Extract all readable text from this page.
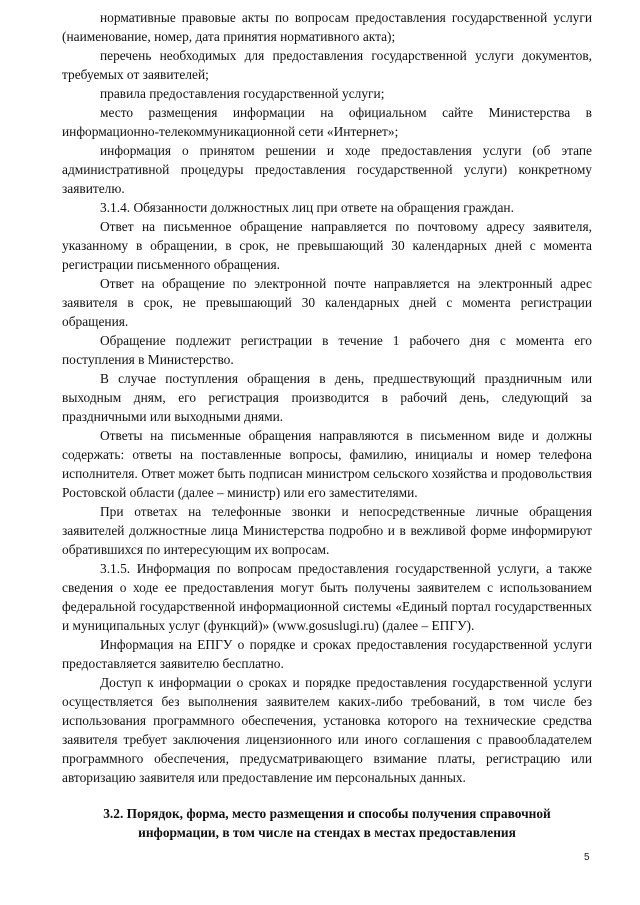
нормативные правовые акты по вопросам предоставления государственной услуги (наименование, номер, дата принятия нормативного акта);

перечень необходимых для предоставления государственной услуги документов, требуемых от заявителей;

правила предоставления государственной услуги;

место размещения информации на официальном сайте Министерства в информационно-телекоммуникационной сети «Интернет»;

информация о принятом решении и ходе предоставления услуги (об этапе административной процедуры предоставления государственной услуги) конкретному заявителю.

3.1.4. Обязанности должностных лиц при ответе на обращения граждан.

Ответ на письменное обращение направляется по почтовому адресу заявителя, указанному в обращении, в срок, не превышающий 30 календарных дней с момента регистрации письменного обращения.

Ответ на обращение по электронной почте направляется на электронный адрес заявителя в срок, не превышающий 30 календарных дней с момента регистрации обращения.

Обращение подлежит регистрации в течение 1 рабочего дня с момента его поступления в Министерство.

В случае поступления обращения в день, предшествующий праздничным или выходным дням, его регистрация производится в рабочий день, следующий за праздничными или выходными днями.

Ответы на письменные обращения направляются в письменном виде и должны содержать: ответы на поставленные вопросы, фамилию, инициалы и номер телефона исполнителя. Ответ может быть подписан министром сельского хозяйства и продовольствия Ростовской области (далее – министр) или его заместителями.

При ответах на телефонные звонки и непосредственные личные обращения заявителей должностные лица Министерства подробно и в вежливой форме информируют обратившихся по интересующим их вопросам.

3.1.5. Информация по вопросам предоставления государственной услуги, а также сведения о ходе ее предоставления могут быть получены заявителем с использованием федеральной государственной информационной системы «Единый портал государственных и муниципальных услуг (функций)» (www.gosuslugi.ru) (далее – ЕПГУ).

Информация на ЕПГУ о порядке и сроках предоставления государственной услуги предоставляется заявителю бесплатно.

Доступ к информации о сроках и порядке предоставления государственной услуги осуществляется без выполнения заявителем каких-либо требований, в том числе без использования программного обеспечения, установка которого на технические средства заявителя требует заключения лицензионного или иного соглашения с правообладателем программного обеспечения, предусматривающего взимание платы, регистрацию или авторизацию заявителя или предоставление им персональных данных.

3.2. Порядок, форма, место размещения и способы получения справочной информации, в том числе на стендах в местах предоставления

5
